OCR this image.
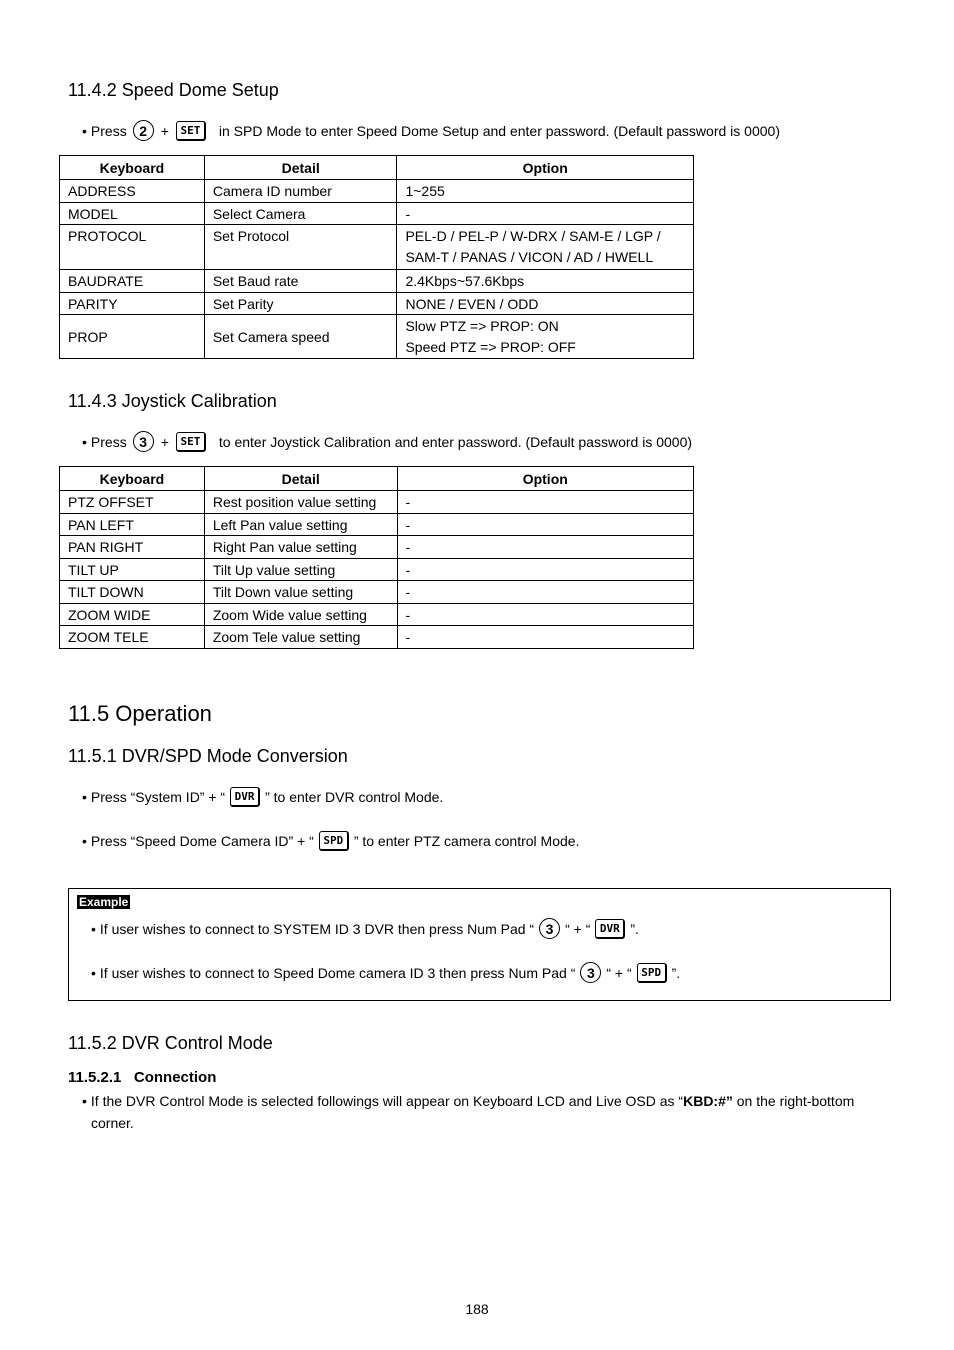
11.4.2 Speed Dome Setup
• Press 2 +	SET	in SPD Mode to enter Speed Dome Setup and enter password. (Default password is 0000)
Keyboard	Detail	Option
ADDRESS	Camera ID number	1~255
MODEL	Select Camera	-
PROTOCOL	Set Protocol	PEL-D / PEL-P / W-DRX / SAM-E / LGP /
SAM-T / PANAS / VICON / AD / HWELL
BAUDRATE	Set Baud rate	2.4Kbps~57.6Kbps
PARITY	Set Parity	NONE / EVEN / ODD
PROP	Set Camera speed	Slow PTZ => PROP: ON
Speed PTZ => PROP: OFF
11.4.3 Joystick Calibration
• Press 3 +	SET	to enter Joystick Calibration and enter password. (Default password is 0000)
Keyboard	Detail	Option
PTZ OFFSET	Rest position value setting	-
PAN LEFT	Left Pan value setting	-
PAN RIGHT	Right Pan value setting	-
TILT UP	Tilt Up value setting	-
TILT DOWN	Tilt Down value setting	-
ZOOM WIDE	Zoom Wide value setting	-
ZOOM TELE	Zoom Tele value setting	-
11.5 Operation
11.5.1 DVR/SPD Mode Conversion
• Press “System ID” + “ DVR ” to enter DVR control Mode.
• Press “Speed Dome Camera ID” + “ SPD ” to enter PTZ camera control Mode.
Example
• If user wishes to connect to SYSTEM ID 3 DVR then press Num Pad “ 3 “ + “ DVR ”.
• If user wishes to connect to Speed Dome camera ID 3 then press Num Pad “ 3 “ + “ SPD ”.
11.5.2 DVR Control Mode
11.5.2.1   Connection
• If the DVR Control Mode is selected followings will appear on Keyboard LCD and Live OSD as “KBD:#” on the right-bottom
corner.
188
